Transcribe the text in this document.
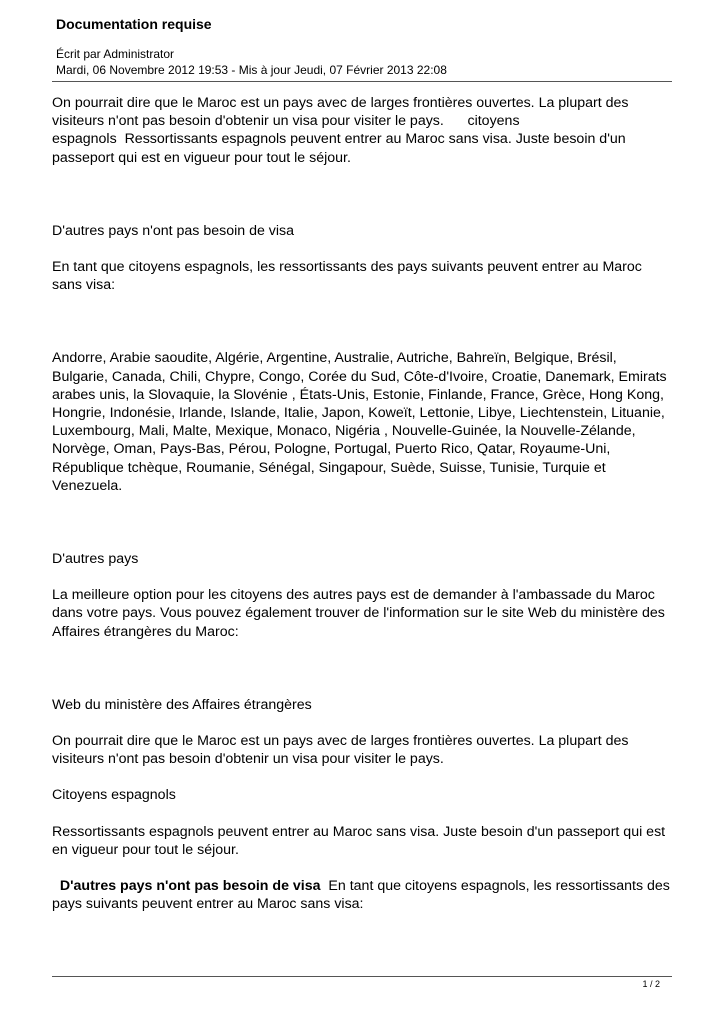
Documentation requise
Écrit par Administrator
Mardi, 06 Novembre 2012 19:53 - Mis à jour Jeudi, 07 Février 2013 22:08

On pourrait dire que le Maroc est un pays avec de larges frontières ouvertes. La plupart des visiteurs n'ont pas besoin d'obtenir un visa pour visiter le pays.      citoyens espagnols  Ressortissants espagnols peuvent entrer au Maroc sans visa. Juste besoin d'un passeport qui est en vigueur pour tout le séjour.

D'autres pays n'ont pas besoin de visa

En tant que citoyens espagnols, les ressortissants des pays suivants peuvent entrer au Maroc sans visa:

Andorre, Arabie saoudite, Algérie, Argentine, Australie, Autriche, Bahreïn, Belgique, Brésil, Bulgarie, Canada, Chili, Chypre, Congo, Corée du Sud, Côte-d'Ivoire, Croatie, Danemark, Emirats arabes unis, la Slovaquie, la Slovénie , États-Unis, Estonie, Finlande, France, Grèce, Hong Kong, Hongrie, Indonésie, Irlande, Islande, Italie, Japon, Koweït, Lettonie, Libye, Liechtenstein, Lituanie, Luxembourg, Mali, Malte, Mexique, Monaco, Nigéria , Nouvelle-Guinée, la Nouvelle-Zélande, Norvège, Oman, Pays-Bas, Pérou, Pologne, Portugal, Puerto Rico, Qatar, Royaume-Uni, République tchèque, Roumanie, Sénégal, Singapour, Suède, Suisse, Tunisie, Turquie et Venezuela.

D'autres pays

La meilleure option pour les citoyens des autres pays est de demander à l'ambassade du Maroc dans votre pays. Vous pouvez également trouver de l'information sur le site Web du ministère des Affaires étrangères du Maroc:

Web du ministère des Affaires étrangères

On pourrait dire que le Maroc est un pays avec de larges frontières ouvertes. La plupart des visiteurs n'ont pas besoin d'obtenir un visa pour visiter le pays.

Citoyens espagnols

Ressortissants espagnols peuvent entrer au Maroc sans visa. Juste besoin d'un passeport qui est en vigueur pour tout le séjour.

D'autres pays n'ont pas besoin de visa En tant que citoyens espagnols, les ressortissants des pays suivants peuvent entrer au Maroc sans visa:

1 / 2
